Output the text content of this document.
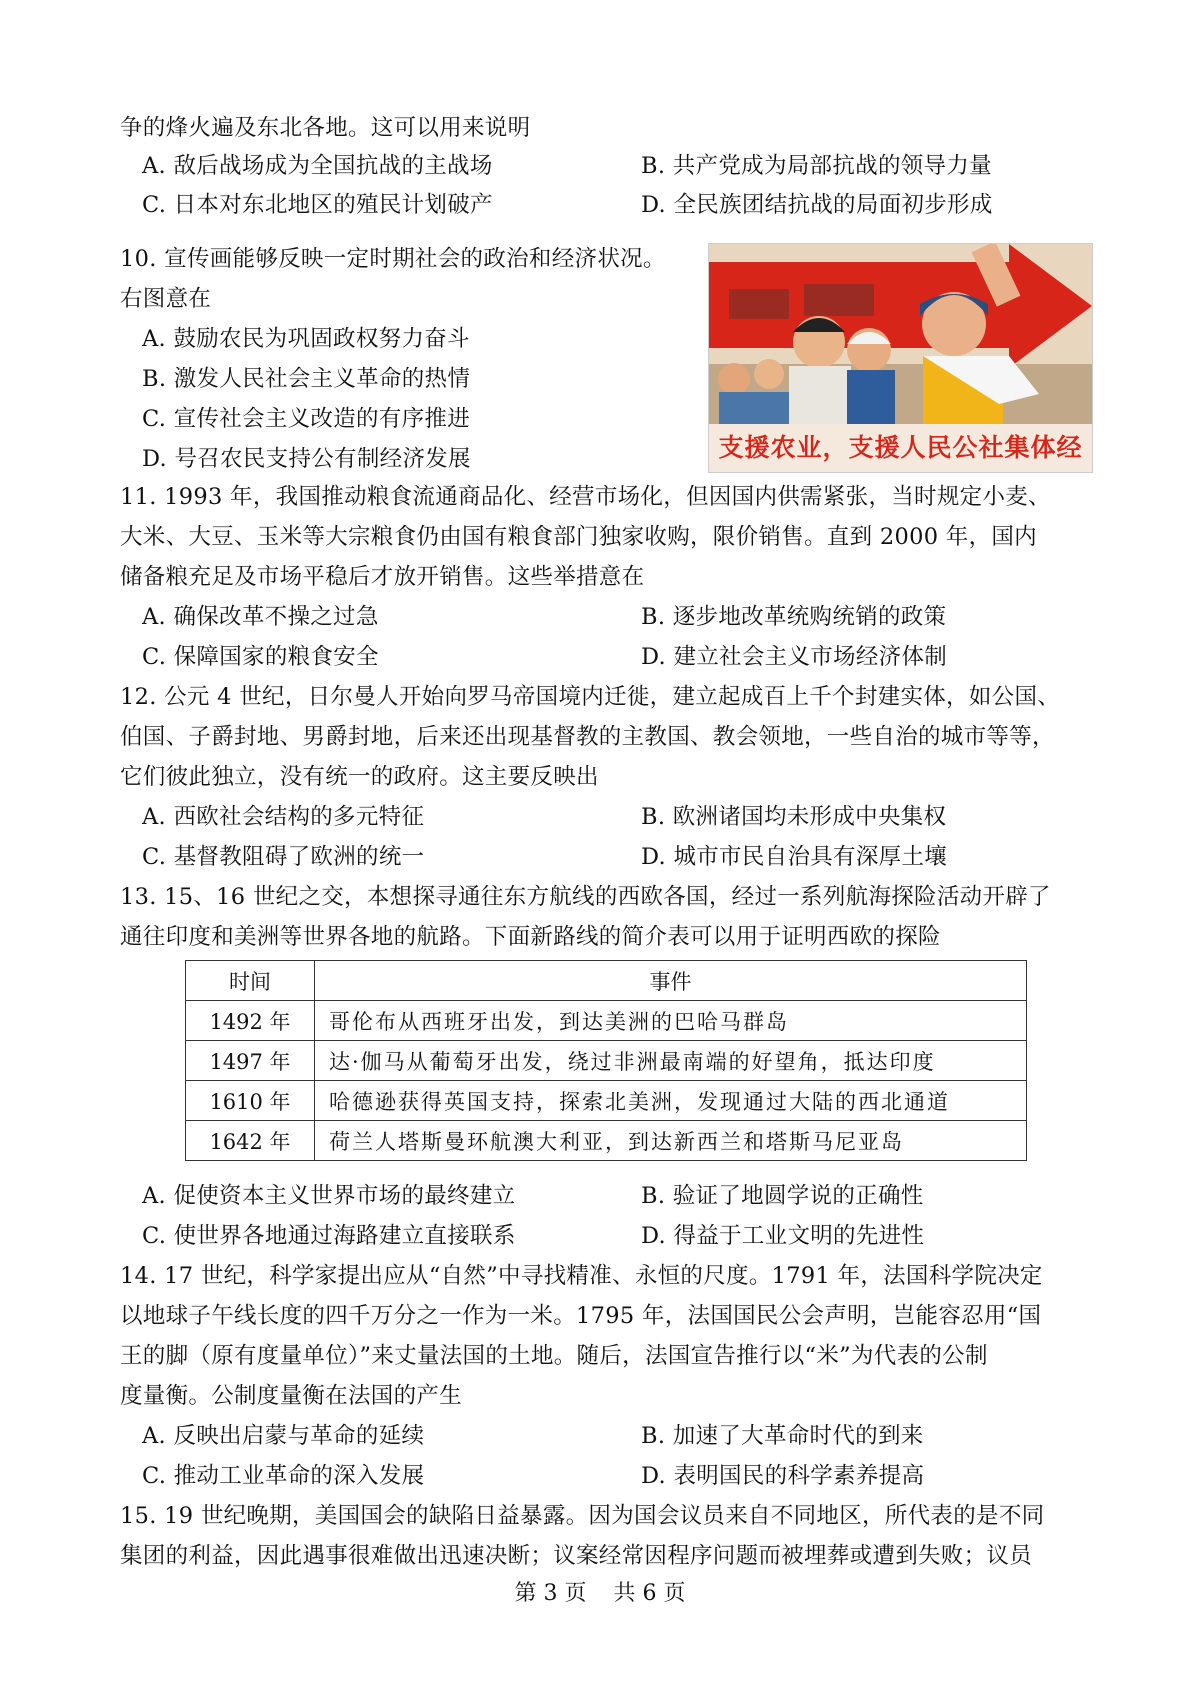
争的烽火遍及东北各地。这可以用来说明
A. 敌后战场成为全国抗战的主战场	B. 共产党成为局部抗战的领导力量
C. 日本对东北地区的殖民计划破产	D. 全民族团结抗战的局面初步形成
10. 宣传画能够反映一定时期社会的政治和经济状况。
右图意在
A. 鼓励农民为巩固政权努力奋斗
B. 激发人民社会主义革命的热情
C. 宣传社会主义改造的有序推进
D. 号召农民支持公有制经济发展	支援农业，支援人民公社集体经
11. 1993 年，我国推动粮食流通商品化、经营市场化，但因国内供需紧张，当时规定小麦、
大米、大豆、玉米等大宗粮食仍由国有粮食部门独家收购，限价销售。直到 2000 年，国内
储备粮充足及市场平稳后才放开销售。这些举措意在
A. 确保改革不操之过急	B. 逐步地改革统购统销的政策
C. 保障国家的粮食安全	D. 建立社会主义市场经济体制
12. 公元 4 世纪，日尔曼人开始向罗马帝国境内迁徙，建立起成百上千个封建实体，如公国、
伯国、子爵封地、男爵封地，后来还出现基督教的主教国、教会领地，一些自治的城市等等，
它们彼此独立，没有统一的政府。这主要反映出
A. 西欧社会结构的多元特征	B. 欧洲诸国均未形成中央集权
C. 基督教阻碍了欧洲的统一	D. 城市市民自治具有深厚土壤
13. 15、16 世纪之交，本想探寻通往东方航线的西欧各国，经过一系列航海探险活动开辟了
通往印度和美洲等世界各地的航路。下面新路线的简介表可以用于证明西欧的探险
时间	事件
1492 年	哥伦布从西班牙出发，到达美洲的巴哈马群岛
1497 年	达·伽马从葡萄牙出发，绕过非洲最南端的好望角，抵达印度
1610 年	哈德逊获得英国支持，探索北美洲，发现通过大陆的西北通道
1642 年	荷兰人塔斯曼环航澳大利亚，到达新西兰和塔斯马尼亚岛
A. 促使资本主义世界市场的最终建立	B. 验证了地圆学说的正确性
C. 使世界各地通过海路建立直接联系	D. 得益于工业文明的先进性
14. 17 世纪，科学家提出应从“自然”中寻找精准、永恒的尺度。1791 年，法国科学院决定
以地球子午线长度的四千万分之一作为一米。1795 年，法国国民公会声明，岂能容忍用“国
王的脚（原有度量单位）”来丈量法国的土地。随后，法国宣告推行以“米”为代表的公制
度量衡。公制度量衡在法国的产生
A. 反映出启蒙与革命的延续	B. 加速了大革命时代的到来
C. 推动工业革命的深入发展	D. 表明国民的科学素养提高
15. 19 世纪晚期，美国国会的缺陷日益暴露。因为国会议员来自不同地区，所代表的是不同
集团的利益，因此遇事很难做出迅速决断；议案经常因程序问题而被埋葬或遭到失败；议员
第 3 页 共 6 页
